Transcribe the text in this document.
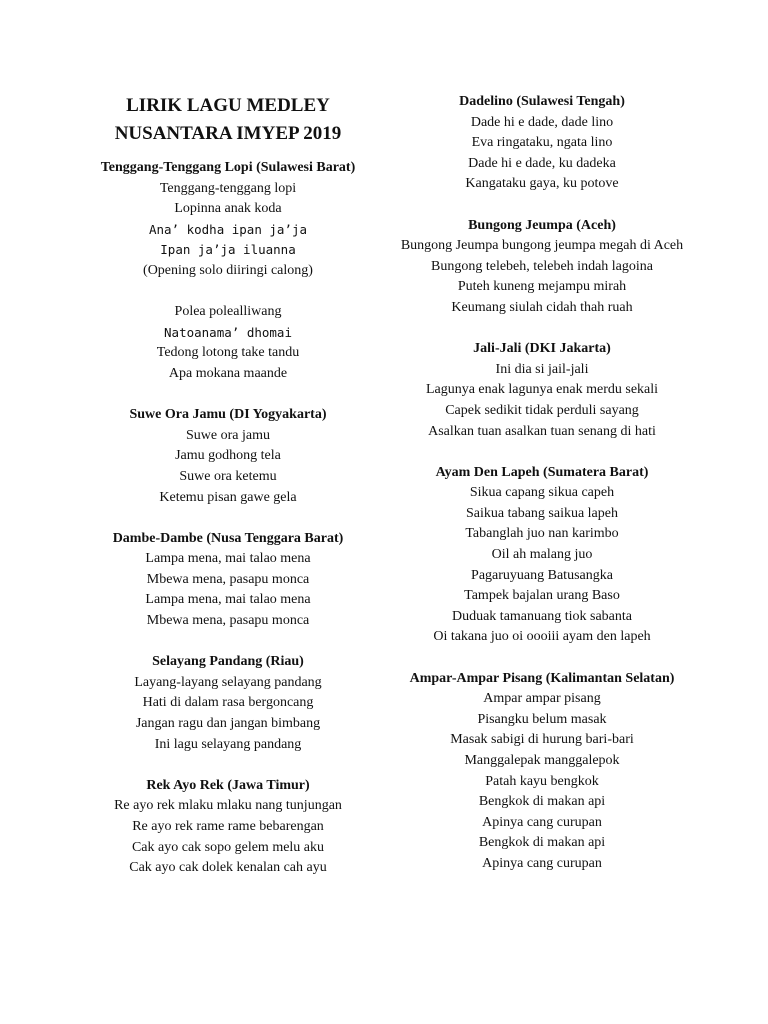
LIRIK LAGU MEDLEY
NUSANTARA IMYEP 2019
Tenggang-Tenggang Lopi (Sulawesi Barat)
Tenggang-tenggang lopi
Lopinna anak koda
Ana’ kodha ipan ja’ja
Ipan ja’ja iluanna
(Opening solo diiringi calong)
Polea polealliwang
Natoanama’ dhomai
Tedong lotong take tandu
Apa mokana maande
Suwe Ora Jamu (DI Yogyakarta)
Suwe ora jamu
Jamu godhong tela
Suwe ora ketemu
Ketemu pisan gawe gela
Dambe-Dambe (Nusa Tenggara Barat)
Lampa mena, mai talao mena
Mbewa mena, pasapu monca
Lampa mena, mai talao mena
Mbewa mena, pasapu monca
Selayang Pandang (Riau)
Layang-layang selayang pandang
Hati di dalam rasa bergoncang
Jangan ragu dan jangan bimbang
Ini lagu selayang pandang
Rek Ayo Rek (Jawa Timur)
Re ayo rek mlaku mlaku nang tunjungan
Re ayo rek rame rame bebarengan
Cak ayo cak sopo gelem melu aku
Cak ayo cak dolek kenalan cah ayu
Dadelino (Sulawesi Tengah)
Dade hi e dade, dade lino
Eva ringataku, ngata lino
Dade hi e dade, ku dadeka
Kangataku gaya, ku potove
Bungong Jeumpa (Aceh)
Bungong Jeumpa bungong jeumpa megah di Aceh
Bungong telebeh, telebeh indah lagoina
Puteh kuneng mejampu mirah
Keumang siulah cidah thah ruah
Jali-Jali (DKI Jakarta)
Ini dia si jail-jali
Lagunya enak lagunya enak merdu sekali
Capek sedikit tidak perduli sayang
Asalkan tuan asalkan tuan senang di hati
Ayam Den Lapeh (Sumatera Barat)
Sikua capang sikua capeh
Saikua tabang saikua lapeh
Tabanglah juo nan karimbo
Oil ah malang juo
Pagaruyuang Batusangka
Tampek bajalan urang Baso
Duduak tamanuang tiok sabanta
Oi takana juo oi oooiii ayam den lapeh
Ampar-Ampar Pisang (Kalimantan Selatan)
Ampar ampar pisang
Pisangku belum masak
Masak sabigi di hurung bari-bari
Manggalepak manggalepok
Patah kayu bengkok
Bengkok di makan api
Apinya cang curupan
Bengkok di makan api
Apinya cang curupan
